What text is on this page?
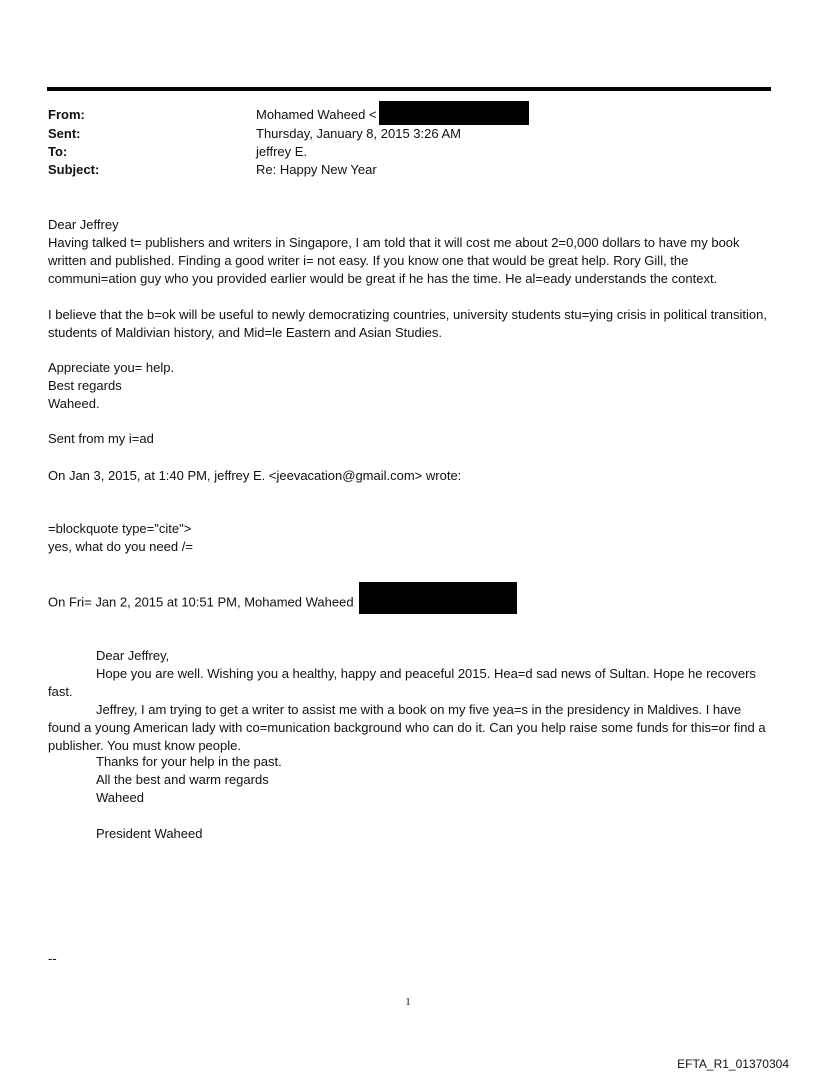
From:	Mohamed Waheed <
Sent:	Thursday, January 8, 2015 3:26 AM
To:	jeffrey E.
Subject:	Re: Happy New Year
Dear Jeffrey
Having talked t= publishers and writers in Singapore, I am told that it will cost me about 2=0,000 dollars to have my book written and published. Finding a good writer i= not easy. If you know one that would be great help. Rory Gill, the communi=ation guy who you provided earlier would be great if he has the time. He al=eady understands the context.
I believe that the b=ok will be useful to newly democratizing countries, university students stu=ying crisis in political transition, students of Maldivian history, and Mid=le Eastern and Asian Studies.
Appreciate you= help.
Best regards
Waheed.
Sent from my i=ad
On Jan 3, 2015, at 1:40 PM, jeffrey E. <jeevacation@gmail.com> wrote:
=blockquote type="cite">
yes, what do you need /=
On Fri= Jan 2, 2015 at 10:51 PM, Mohamed Waheed
Dear Jeffrey,
Hope you are well. Wishing you a healthy, happy and peaceful 2015. Hea=d sad news of Sultan. Hope he recovers fast.
Jeffrey, I am trying to get a writer to assist me with a book on my five yea=s in the presidency in Maldives. I have found a young American lady with co=munication background who can do it. Can you help raise some funds for this=or find a publisher. You must know people.
Thanks for your help in the past.
All the best and warm regards
Waheed
President Waheed
--
1
EFTA_R1_01370304
